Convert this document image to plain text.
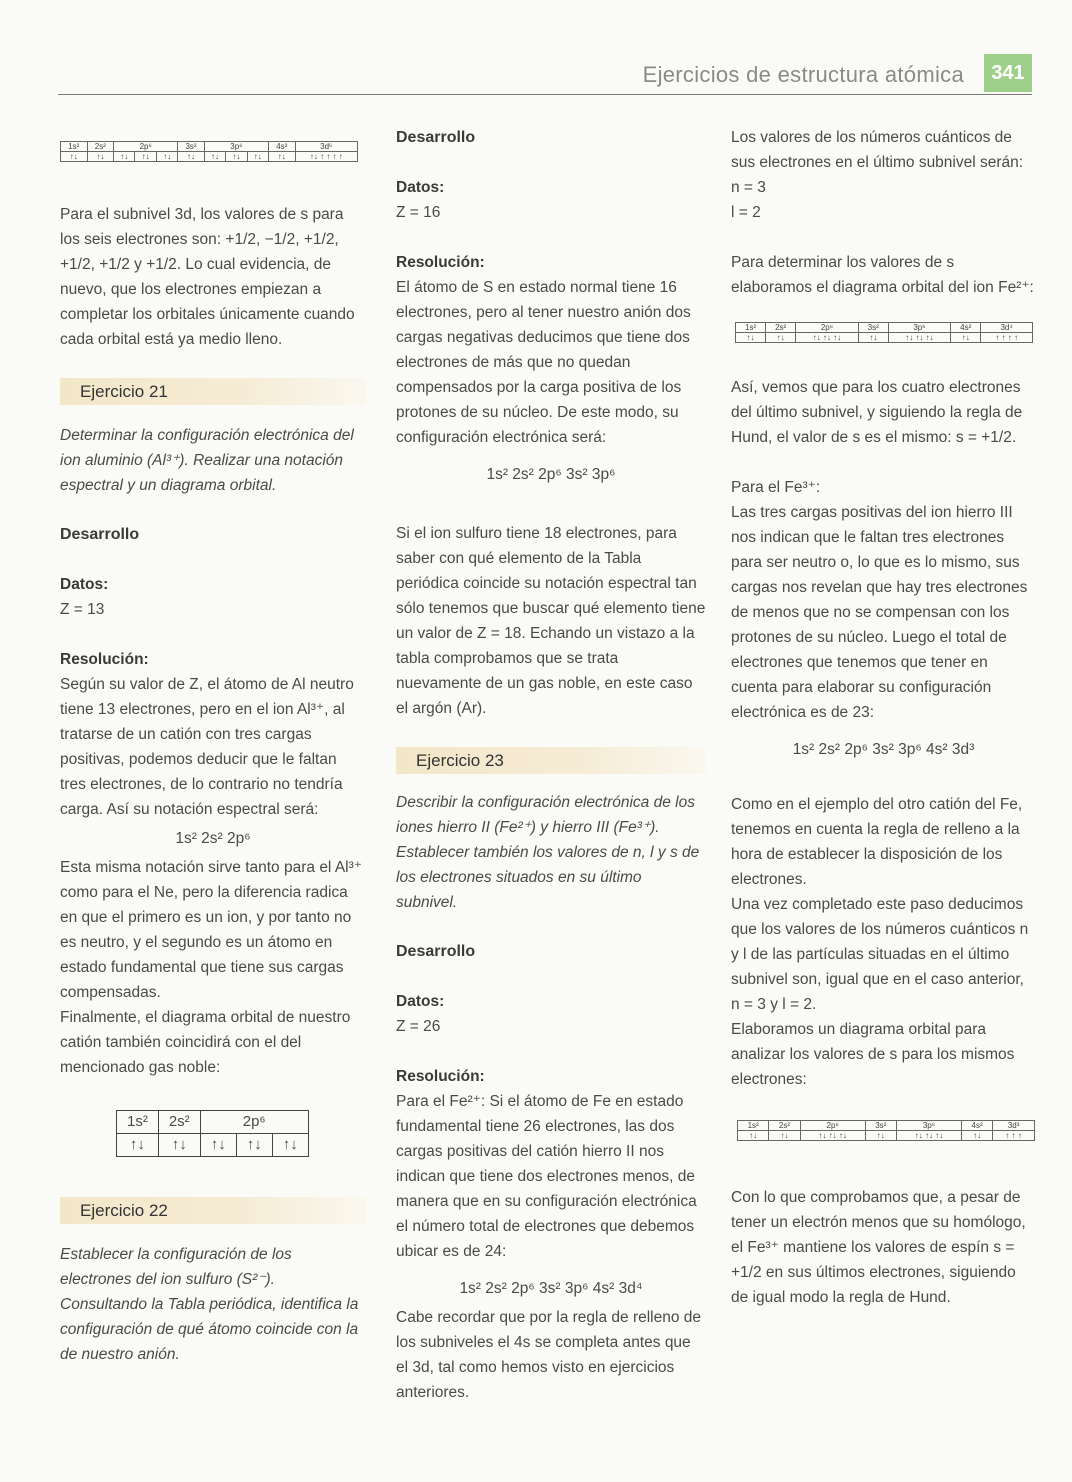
Ejercicios de estructura atómica	341
1s²	2s²	2p⁶			3s²	3p⁶			4s²	3d⁶
↑↓	↑↓	↑↓	↑↓	↑↓	↑↓	↑↓	↑↓	↑↓	↑↓	↑↓ ↑ ↑ ↑ ↑

Para el subnivel 3d, los valores de s para los seis electrones son: +1/2, −1/2, +1/2, +1/2, +1/2 y +1/2. Lo cual evidencia, de nuevo, que los electrones empiezan a completar los orbitales únicamente cuando cada orbital está ya medio lleno.

Ejercicio 21

Determinar la configuración electrónica del ion aluminio (Al³⁺). Realizar una notación espectral y un diagrama orbital.

Desarrollo

Datos:

Z = 13

Resolución:

Según su valor de Z, el átomo de Al neutro tiene 13 electrones, pero en el ion Al³⁺, al tratarse de un catión con tres cargas positivas, podemos deducir que le faltan tres electrones, de lo contrario no tendría carga. Así su notación espectral será:

1s² 2s² 2p⁶

Esta misma notación sirve tanto para el Al³⁺ como para el Ne, pero la diferencia radica en que el primero es un ion, y por tanto no es neutro, y el segundo es un átomo en estado fundamental que tiene sus cargas compensadas.

Finalmente, el diagrama orbital de nuestro catión también coincidirá con el del mencionado gas noble:

1s²	2s²	2p⁶		
↑↓	↑↓	↑↓	↑↓	↑↓
Ejercicio 22

Establecer la configuración de los electrones del ion sulfuro (S²⁻). Consultando la Tabla periódica, identifica la configuración de qué átomo coincide con la de nuestro anión.

Desarrollo

Datos:

Z = 16

Resolución:

El átomo de S en estado normal tiene 16 electrones, pero al tener nuestro anión dos cargas negativas deducimos que tiene dos electrones de más que no quedan compensados por la carga positiva de los protones de su núcleo. De este modo, su configuración electrónica será:

1s² 2s² 2p⁶ 3s² 3p⁶

Si el ion sulfuro tiene 18 electrones, para saber con qué elemento de la Tabla periódica coincide su notación espectral tan sólo tenemos que buscar qué elemento tiene un valor de Z = 18. Echando un vistazo a la tabla comprobamos que se trata nuevamente de un gas noble, en este caso el argón (Ar).

Ejercicio 23

Describir la configuración electrónica de los iones hierro II (Fe²⁺) y hierro III (Fe³⁺). Establecer también los valores de n, l y s de los electrones situados en su último subnivel.

Desarrollo

Datos:

Z = 26

Resolución:

Para el Fe²⁺: Si el átomo de Fe en estado fundamental tiene 26 electrones, las dos cargas positivas del catión hierro II nos indican que tiene dos electrones menos, de manera que en su configuración electrónica el número total de electrones que debemos ubicar es de 24:

1s² 2s² 2p⁶ 3s² 3p⁶ 4s² 3d⁴

Cabe recordar que por la regla de relleno de los subniveles el 4s se completa antes que el 3d, tal como hemos visto en ejercicios anteriores.

Los valores de los números cuánticos de sus electrones en el último subnivel serán:

n = 3

l = 2

Para determinar los valores de s elaboramos el diagrama orbital del ion Fe²⁺:

1s²	2s²	2p⁶	3s²	3p⁶	4s²	3d⁴
↑↓	↑↓	↑↓ ↑↓ ↑↓	↑↓	↑↓ ↑↓ ↑↓	↑↓	↑ ↑ ↑ ↑

Así, vemos que para los cuatro electrones del último subnivel, y siguiendo la regla de Hund, el valor de s es el mismo: s = +1/2.

Para el Fe³⁺:

Las tres cargas positivas del ion hierro III nos indican que le faltan tres electrones para ser neutro o, lo que es lo mismo, sus cargas nos revelan que hay tres electrones de menos que no se compensan con los protones de su núcleo. Luego el total de electrones que tenemos que tener en cuenta para elaborar su configuración electrónica es de 23:

1s² 2s² 2p⁶ 3s² 3p⁶ 4s² 3d³

Como en el ejemplo del otro catión del Fe, tenemos en cuenta la regla de relleno a la hora de establecer la disposición de los electrones.

Una vez completado este paso deducimos que los valores de los números cuánticos n y l de las partículas situadas en el último subnivel son, igual que en el caso anterior, n = 3 y l = 2.

Elaboramos un diagrama orbital para analizar los valores de s para los mismos electrones:

1s²	2s²	2p⁶	3s²	3p⁶	4s²	3d³
↑↓	↑↓	↑↓ ↑↓ ↑↓	↑↓	↑↓ ↑↓ ↑↓	↑↓	↑ ↑ ↑

Con lo que comprobamos que, a pesar de tener un electrón menos que su homólogo, el Fe³⁺ mantiene los valores de espín s = +1/2 en sus últimos electrones, siguiendo de igual modo la regla de Hund.
